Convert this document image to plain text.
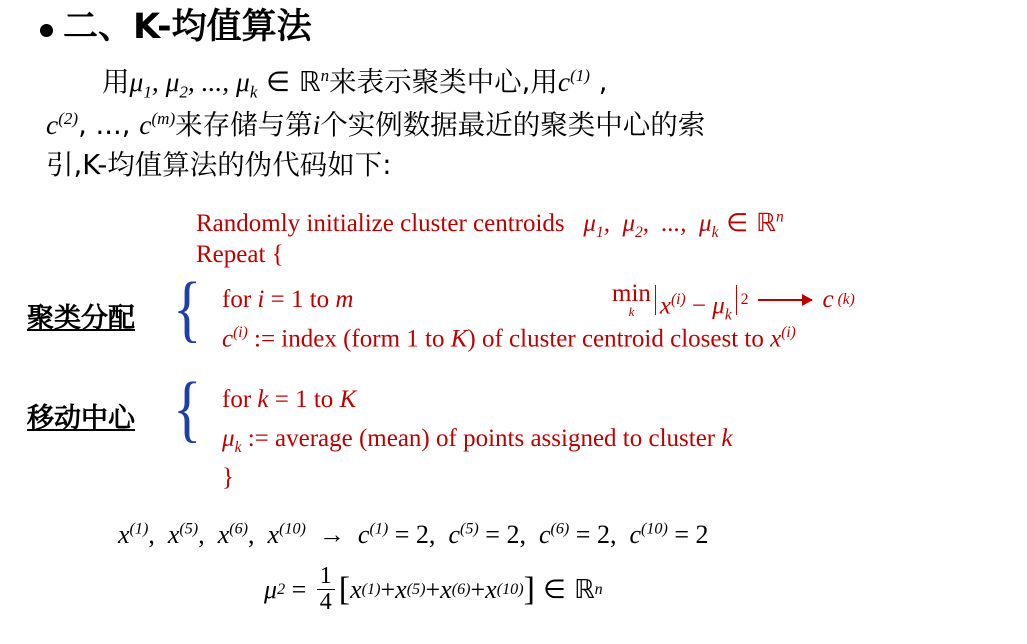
二、K-均值算法
用$\mu_1$, $\mu_2$, ..., $\mu_k$ ∈ ℝ$^n$来表示聚类中心,用$c^{(1)}$ ,
$c^{(2)}$, ..., $c^{(m)}$来存储与第i个实例数据最近的聚类中心的索
引,K-均值算法的伪代码如下:
Randomly initialize cluster centroids   $\mu_1$,  $\mu_2$,  ...,  $\mu_k$ ∈ ℝ$^n$
Repeat {
for i = 1 to m
$c^{(i)}$ := index (form 1 to K) of cluster centroid closest to $x^{(i)}$
for k = 1 to K
$\mu_k$ := average (mean) of points assigned to cluster k
}
min
k $x^{(i)} - \mu_k$
2	c (k)
聚类分配 {
移动中心 {
$x^{(1)}$,  $x^{(5)}$,  $x^{(6)}$,  $x^{(10)} \to c^{(1)} = 2$,  $c^{(5)} = 2$,  $c^{(6)} = 2$,  $c^{(10)} = 2$
μ $2 = \frac{1}{4}$ [ x (1) + x (5) + x (6) + x (10) ] ∈ ℝ n
